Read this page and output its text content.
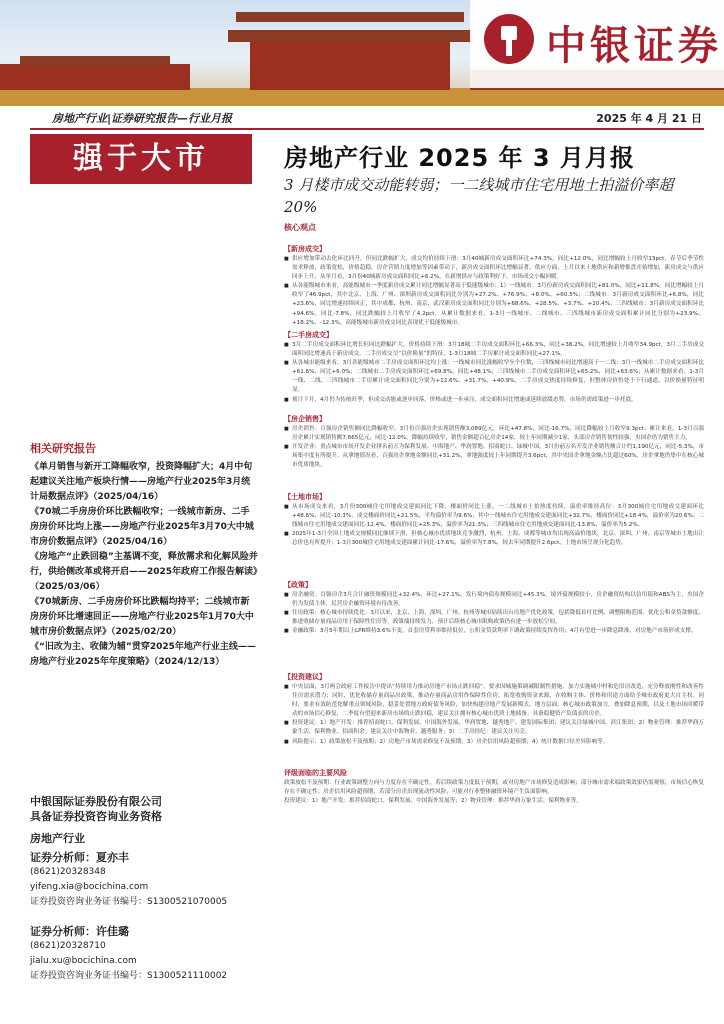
中银证券
房地产行业|证券研究报告—行业月报	2025 年 4 月 21 日
强于大市	房地产行业 2025 年 3 月月报
3 月楼市成交动能转弱；一二线城市住宅用地土拍溢价率超20%
核心观点
【新房成交】

■ 供应增加带动去化环比回升，但同比跌幅扩大，成交均价持续下滑：3月40城新房成交面积环比+74.3%，同比+12.0%，同比增幅较上月收窄13pct，春节后季节性需求释放，政策宽松，价格趋稳，房企营销力度增加等因素带动下，新房成交面积环比增幅显著。供应方面，上月以来土地供应和新增推盘开始增加，新房成交与供应同步上升，从单月看，3月份40城新房成交面积同比+6.2%，在新增供应与政策利好下，市场成交小幅回暖。

■ 从各能级城市来看，高能级城市一季度新房成交累计同比增幅显著高于低能级城市：1）一线城市：3月份新房成交面积同比+81.0%，同比+11.8%，同比增幅较上月收窄了46.9pct，其中北京、上海、广州、深圳新房成交面积同比分别为+27.2%、+76.9%、+8.0%、+60.5%；二线城市：3月新房成交面积环比+6.8%，同比+23.6%，同比增速持续回正，其中成都、杭州、南京、武汉新房成交面积同比分别为+68.6%、+28.5%、+3.7%、+20.4%；三四线城市：3月新房成交面积环比+94.6%，同比-7.8%，同比跌幅较上月收窄了4.2pct，从累计数据来看，1-3月一线城市、二线城市、三四线城市新房成交面积累计同比分别为+23.9%、+18.2%、-12.3%，高能级城市新房成交同比表现优于低能级城市。

【二手房成交】

■ 3月二手房成交面积环比增长但同比跌幅扩大，价格持续下滑：3月18城二手房成交面积环比+66.3%，同比+38.2%，同比增速较上月收窄34.9pct，3月二手房成交面积同比增速高于新房成交，二手房成交呈“以价换量”的特征，1-3月18城二手房累计成交面积同比+27.1%。

■ 从各城市能级来看，3月各能级城市二手房成交面积环比均上涨：一线城市同比涨幅收窄至个位数，三四线城市同比增速高于一二线：3月一线城市二手房成交面积环比+61.6%，同比+6.0%；二线城市二手房成交面积环比+69.8%，同比+48.1%；三四线城市二手房成交面积环比+65.2%，同比+63.6%；从累计数据来看，1-3月一线、二线、三四线城市二手房累计成交面积同比分别为+12.6%、+31.7%、+40.9%，二手房成交热度持续修复，但整体房价仍处于下行通道，以价换量特征明显。

■ 预计下月，4月仍为传统旺季，但成交动能或逐步回落，价格或进一步承压，成交面积同比增速或延续放缓态势，市场仍需政策进一步托底。

【房企销售】

■ 房企销售：百强房企销售额同比降幅收窄，3月份百强房企实现销售额3,089亿元，环比+47.8%，同比-16.7%，同比降幅较上月收窄9.3pct；累计来看，1-3月百强房企累计实现销售额7,865亿元，同比-12.0%，降幅持续收窄，销售金额超百亿房企14家，较上年同期减少1家，头部房企销售韧性较强，央国企仍为销售主力。

■ 开发企业：重点城市市场开发企业排名前五为保利发展、中海地产、华润置地、招商蛇口、绿城中国，3月份前五名开发企业销售额合计约1,190亿元，同比-5.3%，市场集中度有所提升。从拿地情况看，百强房企拿地金额同比+31.2%，拿地强度较上年同期提升3.6pct，其中央国企拿地金额占比超过60%，房企拿地仍集中在核心城市优质地块。

【土地市场】

■ 从市场成交来看，3月份300城住宅用地成交建面同比下降、楼面价同比上涨，一二线城市土拍热度持续，溢价率维持高位：3月300城住宅用地成交建面环比+48.6%，同比-10.3%，成交楼面价同比+21.5%，平均溢价率为9.6%；其中一线城市住宅用地成交建面同比+32.7%，楼面价同比+18.4%，溢价率为20.6%；二线城市住宅用地成交建面同比-12.4%，楼面价同比+25.3%，溢价率为21.3%；三四线城市住宅用地成交建面同比-13.8%，溢价率为5.2%。

■ 2025年1-3月全国土地成交规模同比继续下滑，但核心城市优质地块竞争激烈，杭州、上海、成都等城市均出现高溢价地块，北京、深圳、广州、南京等城市土地出让总价也有所提升；1-3月300城住宅用地成交建面累计同比-17.6%，溢价率为7.8%，较去年同期提升2.6pct，土地市场呈现分化趋势。

【政策】

■ 房企融资：百强房企3月合计融资规模同比+32.4%，环比+27.1%，发行境内债券规模同比+45.3%，境外债规模较小，房企融资结构以信用债和ABS为主，央国企仍为发债主体，民营房企融资环境有待改善。

■ 住房政策：核心城市持续优化：3月以来，北京、上海、深圳、广州、杭州等城市陆续出台房地产优化政策，包括降低首付比例、调整限购范围、优化公积金贷款额度、推进收储存量商品房用于保障性住房等，政策端持续发力，预计后续核心城市限购政策仍有进一步放松空间。

■ 金融政策：3月5年期以上LPR维持3.6%不变，首套房贷利率维持低位，公积金贷款利率下调政策持续发挥作用；4月有望进一步降息降准，对房地产市场形成支撑。

【投资建议】

■ 中央层面，3月两会政府工作报告中提出“持续用力推动房地产市场止跌回稳”，要求因城施策调减限制性措施，加力实施城中村和危旧房改造，充分释放刚性和改善性住房需求潜力；同时，优化收储存量商品房政策，推动存量商品房用作保障性住房，拓宽收购资金来源，在收购主体、价格和用途方面给予城市政府更大自主权。同时，要求有效防范化解重点领域风险，稳妥处置地方政府债务风险，加快构建房地产发展新模式。地方层面，核心城市政策加力，叠加降息预期，以及土地市场回暖带动的市场信心修复，二季度有望迎来新房市场的止跌回稳，建议关注拥有核心城市优质土地储备、具备稳健资产负债表的房企。

■ 投资建议：1）地产开发：推荐招商蛇口、保利发展、中国海外发展、华润置地、越秀地产、建发国际集团；建议关注绿城中国、滨江集团；2）物业管理：推荐华润万象生活、保利物业、招商积余；建议关注中海物业、越秀服务；3）二手房经纪：建议关注贝壳。

■ 风险提示：1）政策放松不及预期；2）房地产市场需求修复不及预期；3）房企信用风险超预期；4）统计数据口径差异影响等。

相关研究报告
《单月销售与新开工降幅收窄，投资降幅扩大；4月中旬起建议关注地产板块行情——房地产行业2025年3月统计局数据点评》（2025/04/16）
《70城二手房房价环比跌幅收窄；一线城市新房、二手房房价环比均上涨——房地产行业2025年3月70大中城市房价数据点评》（2025/04/16）
《房地产“止跌回稳”主基调不变，释放需求和化解风险并行，供给侧改革或将开启——2025年政府工作报告解读》（2025/03/06）
《70城新房、二手房房价环比跌幅均持平；二线城市新房房价环比增速回正——房地产行业2025年1月70大中城市房价数据点评》（2025/02/20）
《“旧改为主、收储为辅”贯穿2025年地产行业主线——房地产行业2025年年度策略》（2024/12/13）
中银国际证券股份有限公司
具备证券投资咨询业务资格
房地产行业
证券分析师：夏亦丰
(8621)20328348
yifeng.xia@bocichina.com
证券投资咨询业务证书编号：S1300521070005
证券分析师：许佳璐
(8621)20328710
jialu.xu@bocichina.com
证券投资咨询业务证书编号：S1300521110002
评级面临的主要风险

政策放松不及预期：行业政策调整方向与力度存在不确定性，若后续政策力度低于预期，或对房地产市场修复造成影响；部分城市需求端政策效果仍需观察，市场信心恢复存在不确定性；房企信用风险超预期，若部分房企出现流动性风险，可能对行业整体融资环境产生负面影响。

投资建议：1）地产开发：推荐招商蛇口、保利发展、中国海外发展等；2）物业管理：推荐华润万象生活、保利物业等。
